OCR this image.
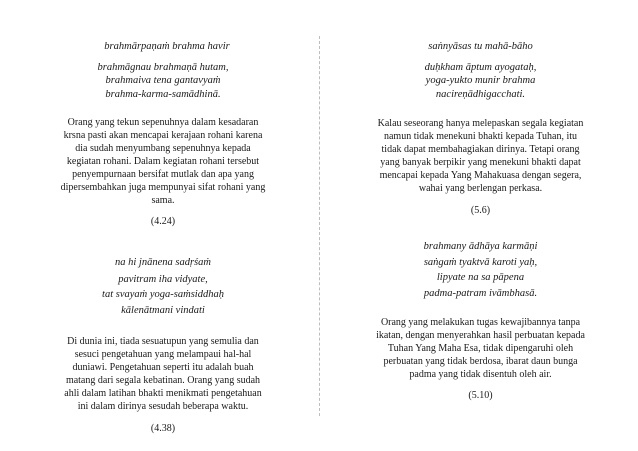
brahmārpaṇaṁ brahma havir
brahmāgnau brahmaṇā hutam,
brahmaiva tena gantavyaṁ
brahma-karma-samādhinā.
Orang yang tekun sepenuhnya dalam kesadaran
krsna pasti akan mencapai kerajaan rohani karena
dia sudah menyumbang sepenuhnya kepada
kegiatan rohani. Dalam kegiatan rohani tersebut
penyempurnaan bersifat mutlak dan apa yang
dipersembahkan juga mempunyai sifat rohani yang
sama.
(4.24)
na hi jnānena sadṛśaṁ
pavitram iha vidyate,
tat svayaṁ yoga-saṁsiddhaḥ
kālenātmani vindati
Di dunia ini, tiada sesuatupun yang semulia dan
sesuci pengetahuan yang melampaui hal-hal
duniawi. Pengetahuan seperti itu adalah buah
matang dari segala kebatinan. Orang yang sudah
ahli dalam latihan bhakti menikmati pengetahuan
ini dalam dirinya sesudah beberapa waktu.
(4.38)
saṅnyāsas tu mahā-bāho
duḥkham āptum ayogataḥ,
yoga-yukto munir brahma
nacireṇādhigacchati.
Kalau seseorang hanya melepaskan segala kegiatan
namun tidak menekuni bhakti kepada Tuhan, itu
tidak dapat membahagiakan dirinya. Tetapi orang
yang banyak berpikir yang menekuni bhakti dapat
mencapai kepada Yang Mahakuasa dengan segera,
wahai yang berlengan perkasa.
(5.6)
brahmany ādhāya karmāṇi
saṅgaṁ tyaktvā karoti yaḥ,
lipyate na sa pāpena
padma-patram ivāmbhasā.
Orang yang melakukan tugas kewajibannya tanpa
ikatan, dengan menyerahkan hasil perbuatan kepada
Tuhan Yang Maha Esa, tidak dipengaruhi oleh
perbuatan yang tidak berdosa, ibarat daun bunga
padma yang tidak disentuh oleh air.
(5.10)
